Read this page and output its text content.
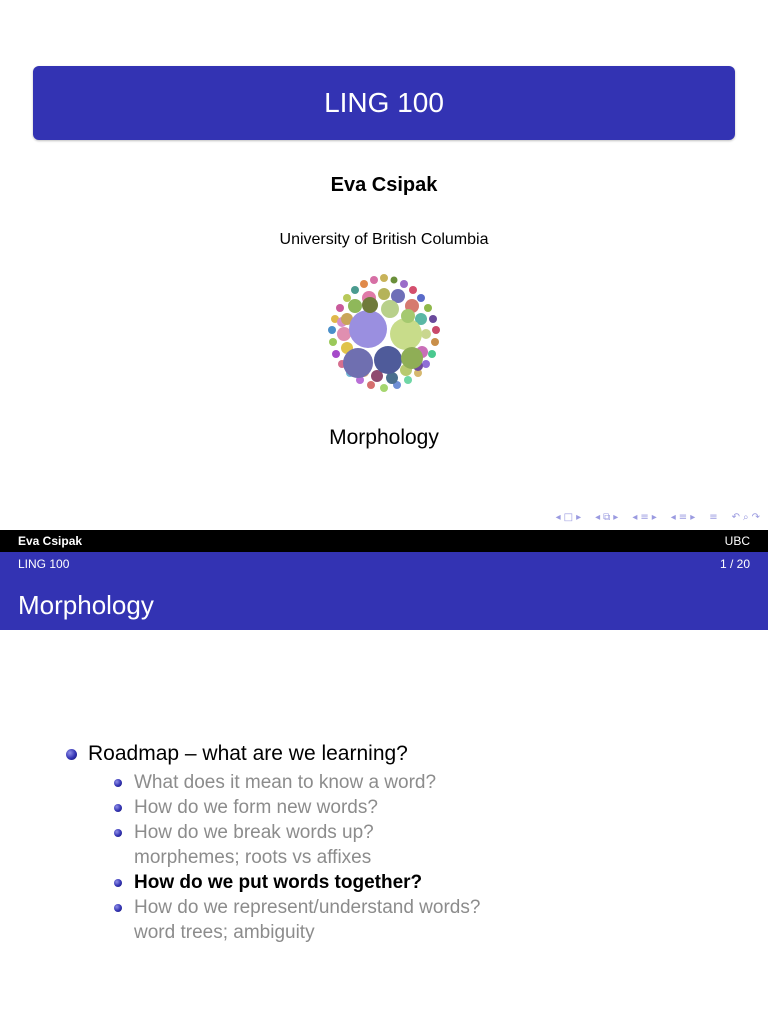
LING 100
Eva Csipak
University of British Columbia
Morphology
◂ □ ▸ ◂ ⧉ ▸ ◂ ≡ ▸ ◂ ≡ ▸ ≡ ↶ ⌕ ↷
Eva Csipak	UBC
LING 100	1 / 20
Morphology
Roadmap – what are we learning?
What does it mean to know a word?
How do we form new words?
How do we break words up?
morphemes; roots vs affixes
How do we put words together?
How do we represent/understand words?
word trees; ambiguity
